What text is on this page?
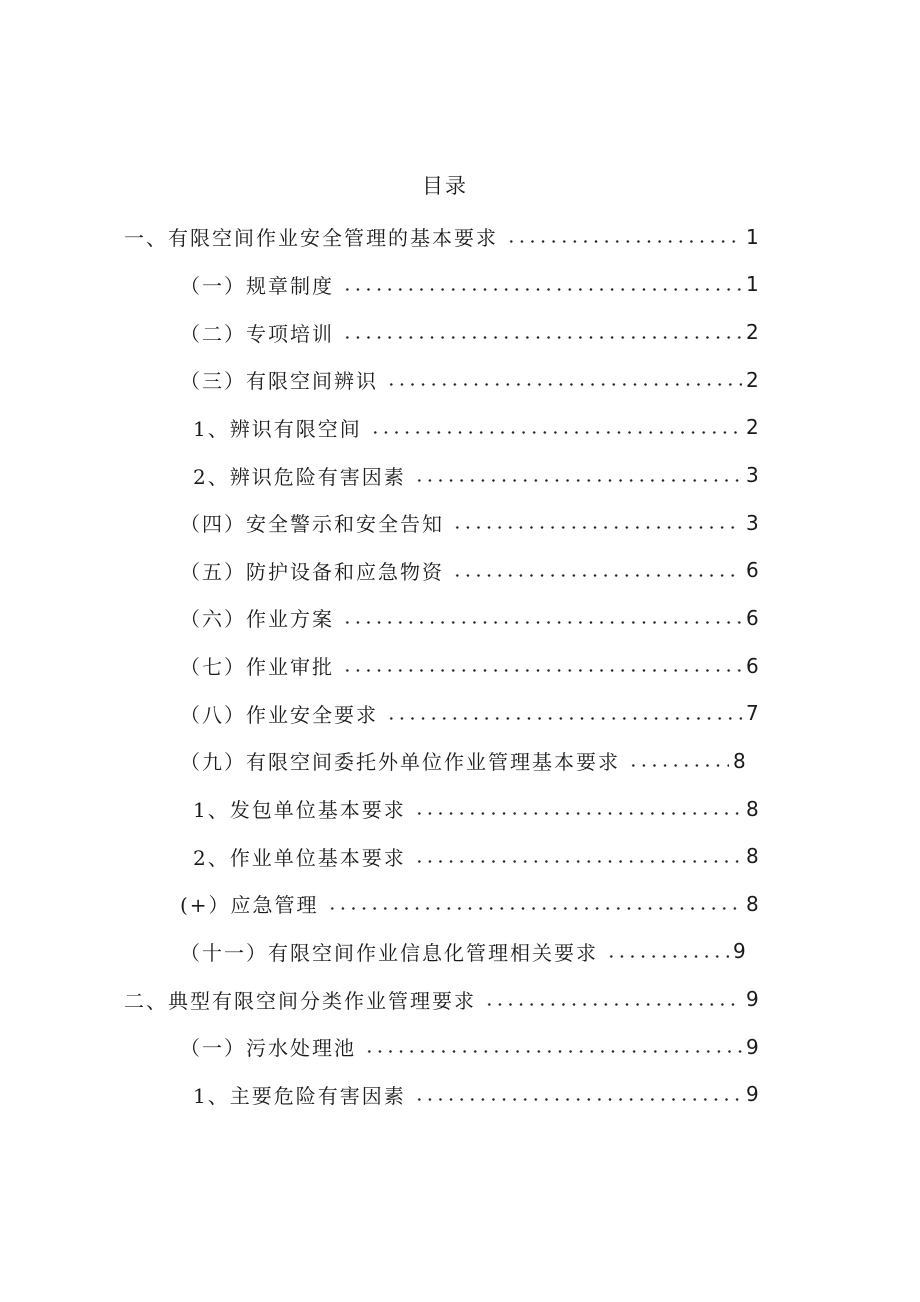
目录
一、有限空间作业安全管理的基本要求	1
（一）规章制度	1
（二）专项培训	2
（三）有限空间辨识	2
1、辨识有限空间	2
2、辨识危险有害因素	3
（四）安全警示和安全告知	3
（五）防护设备和应急物资	6
（六）作业方案	6
（七）作业审批	6
（八）作业安全要求	7
（九）有限空间委托外单位作业管理基本要求	8
1、发包单位基本要求	8
2、作业单位基本要求	8
(+）应急管理	8
（十一）有限空间作业信息化管理相关要求	9
二、典型有限空间分类作业管理要求	9
（一）污水处理池	9
1、主要危险有害因素	9
